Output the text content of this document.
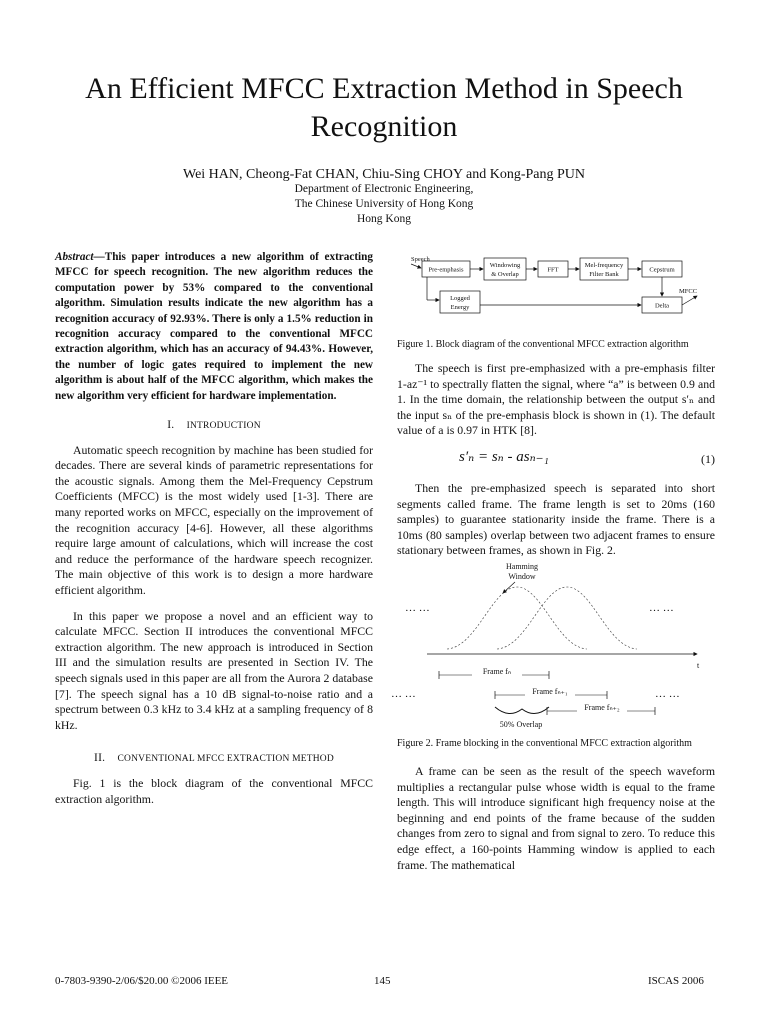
An Efficient MFCC Extraction Method in Speech Recognition
Wei HAN, Cheong-Fat CHAN, Chiu-Sing CHOY and Kong-Pang PUN
Department of Electronic Engineering,
The Chinese University of Hong Kong
Hong Kong

Abstract—This paper introduces a new algorithm of extracting MFCC for speech recognition. The new algorithm reduces the computation power by 53% compared to the conventional algorithm. Simulation results indicate the new algorithm has a recognition accuracy of 92.93%. There is only a 1.5% reduction in recognition accuracy compared to the conventional MFCC extraction algorithm, which has an accuracy of 94.43%. However, the number of logic gates required to implement the new algorithm is about half of the MFCC algorithm, which makes the new algorithm very efficient for hardware implementation.

I. INTRODUCTION

Automatic speech recognition by machine has been studied for decades. There are several kinds of parametric representations for the acoustic signals. Among them the Mel-Frequency Cepstrum Coefficients (MFCC) is the most widely used [1-3]. There are many reported works on MFCC, especially on the improvement of the recognition accuracy [4-6]. However, all these algorithms require large amount of calculations, which will increase the cost and reduce the performance of the hardware speech recognizer. The main objective of this work is to design a more hardware efficient algorithm.

In this paper we propose a novel and an efficient way to calculate MFCC. Section II introduces the conventional MFCC extraction algorithm. The new approach is introduced in Section III and the simulation results are presented in Section IV. The speech signals used in this paper are all from the Aurora 2 database [7]. The speech signal has a 10 dB signal-to-noise ratio and a spectrum between 0.3 kHz to 3.4 kHz at a sampling frequency of 8 kHz.

II. CONVENTIONAL MFCC EXTRACTION METHOD

Fig. 1 is the block diagram of the conventional MFCC extraction algorithm.

Speech
Pre-emphasis
Windowing
& Overlap
FFT
Mel-frequency
Filter Bank
Cepstrum
Delta
MFCC
Logged
Energy
Figure 1. Block diagram of the conventional MFCC extraction algorithm

The speech is first pre-emphasized with a pre-emphasis filter 1-az⁻¹ to spectrally flatten the signal, where “a” is between 0.9 and 1. In the time domain, the relationship between the output s′ₙ and the input sₙ of the pre-emphasis block is shown in (1). The default value of a is 0.97 in HTK [8].

s′ₙ = sₙ - asₙ₋₁	(1)

Then the pre-emphasized speech is separated into short segments called frame. The frame length is set to 20ms (160 samples) to guarantee stationarity inside the frame. There is a 10ms (80 samples) overlap between two adjacent frames to ensure stationary between frames, as shown in Fig. 2.

Hamming
Window
… …	… …
t
Frame fₙ
Frame fₙ₊₁
Frame fₙ₊₂
… …	… …
50% Overlap
Figure 2. Frame blocking in the conventional MFCC extraction algorithm

A frame can be seen as the result of the speech waveform multiplies a rectangular pulse whose width is equal to the frame length. This will introduce significant high frequency noise at the beginning and end points of the frame because of the sudden changes from zero to signal and from signal to zero. To reduce this edge effect, a 160-points Hamming window is applied to each frame. The mathematical

0-7803-9390-2/06/$20.00 ©2006 IEEE	145	ISCAS 2006
